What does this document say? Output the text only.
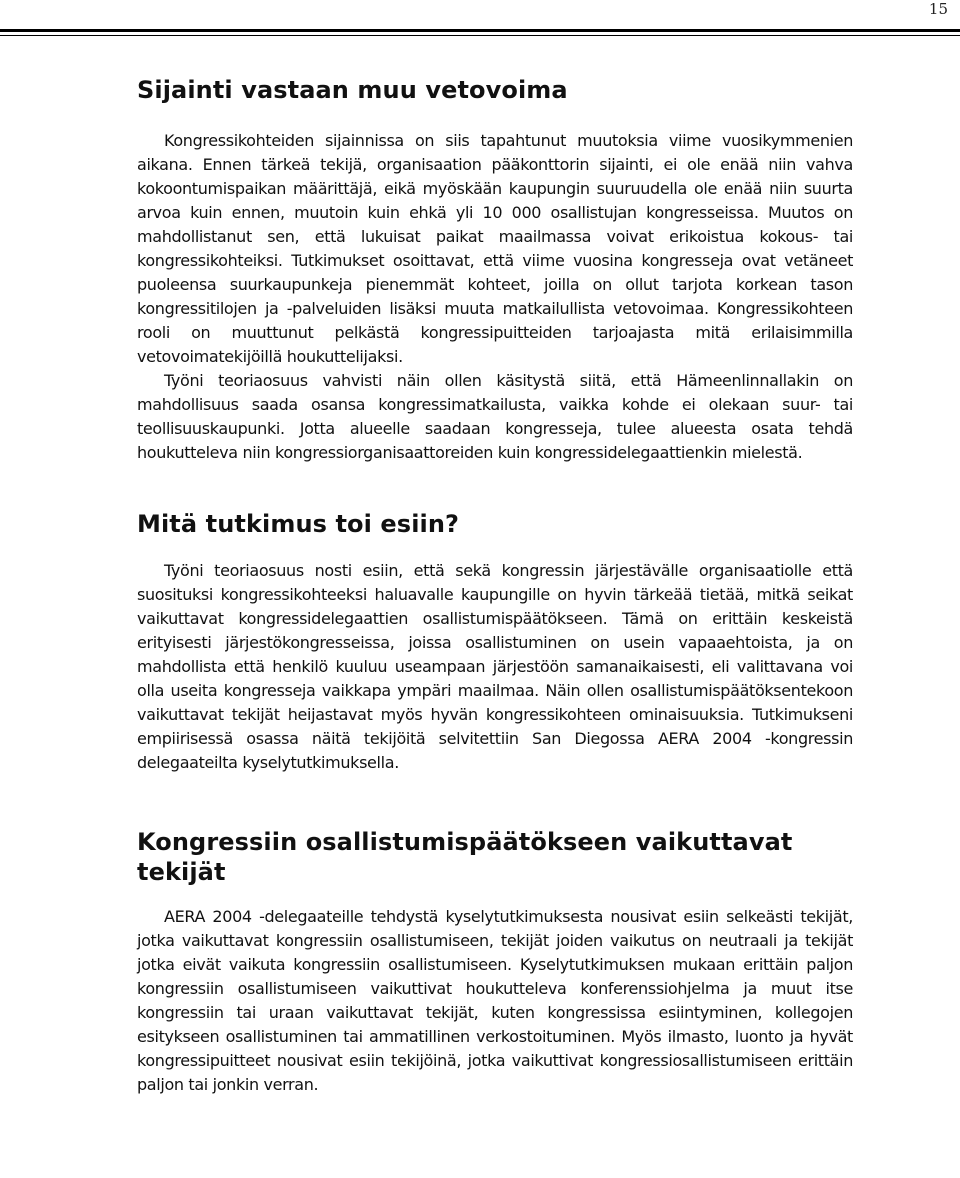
15
Sijainti vastaan muu vetovoima

Kongressikohteiden sijainnissa on siis tapahtunut muutoksia viime vuosikymmenien aikana. Ennen tärkeä tekijä, organisaation pääkonttorin sijainti, ei ole enää niin vahva kokoontumispaikan määrittäjä, eikä myöskään kaupungin suuruudella ole enää niin suurta arvoa kuin ennen, muutoin kuin ehkä yli 10 000 osallistujan kongresseissa. Muutos on mahdollistanut sen, että lukuisat paikat maailmassa voivat erikoistua kokous- tai kongressikohteiksi. Tutkimukset osoittavat, että viime vuosina kongresseja ovat vetäneet puoleensa suurkaupunkeja pienemmät kohteet, joilla on ollut tarjota korkean tason kongressitilojen ja -palveluiden lisäksi muuta matkailullista vetovoimaa. Kongressikohteen rooli on muuttunut pelkästä kongressipuitteiden tarjoajasta mitä erilaisimmilla vetovoimatekijöillä houkuttelijaksi.

Työni teoriaosuus vahvisti näin ollen käsitystä siitä, että Hämeenlinnallakin on mahdollisuus saada osansa kongressimatkailusta, vaikka kohde ei olekaan suur- tai teollisuuskaupunki. Jotta alueelle saadaan kongresseja, tulee alueesta osata tehdä houkutteleva niin kongressiorganisaattoreiden kuin kongressidelegaattienkin mielestä.

Mitä tutkimus toi esiin?

Työni teoriaosuus nosti esiin, että sekä kongressin järjestävälle organisaatiolle että suosituksi kongressikohteeksi haluavalle kaupungille on hyvin tärkeää tietää, mitkä seikat vaikuttavat kongressidelegaattien osallistumispäätökseen. Tämä on erittäin keskeistä erityisesti järjestökongresseissa, joissa osallistuminen on usein vapaaehtoista, ja on mahdollista että henkilö kuuluu useampaan järjestöön samanaikaisesti, eli valittavana voi olla useita kongresseja vaikkapa ympäri maailmaa. Näin ollen osallistumispäätöksentekoon vaikuttavat tekijät heijastavat myös hyvän kongressikohteen ominaisuuksia. Tutkimukseni empiirisessä osassa näitä tekijöitä selvitettiin San Diegossa AERA 2004 -kongressin delegaateilta kyselytutkimuksella.

Kongressiin osallistumispäätökseen vaikuttavat tekijät

AERA 2004 -delegaateille tehdystä kyselytutkimuksesta nousivat esiin selkeästi tekijät, jotka vaikuttavat kongressiin osallistumiseen, tekijät joiden vaikutus on neutraali ja tekijät jotka eivät vaikuta kongressiin osallistumiseen. Kyselytutkimuksen mukaan erittäin paljon kongressiin osallistumiseen vaikuttivat houkutteleva konferenssiohjelma ja muut itse kongressiin tai uraan vaikuttavat tekijät, kuten kongressissa esiintyminen, kollegojen esitykseen osallistuminen tai ammatillinen verkostoituminen. Myös ilmasto, luonto ja hyvät kongressipuitteet nousivat esiin tekijöinä, jotka vaikuttivat kongressiosallistumiseen erittäin paljon tai jonkin verran.
